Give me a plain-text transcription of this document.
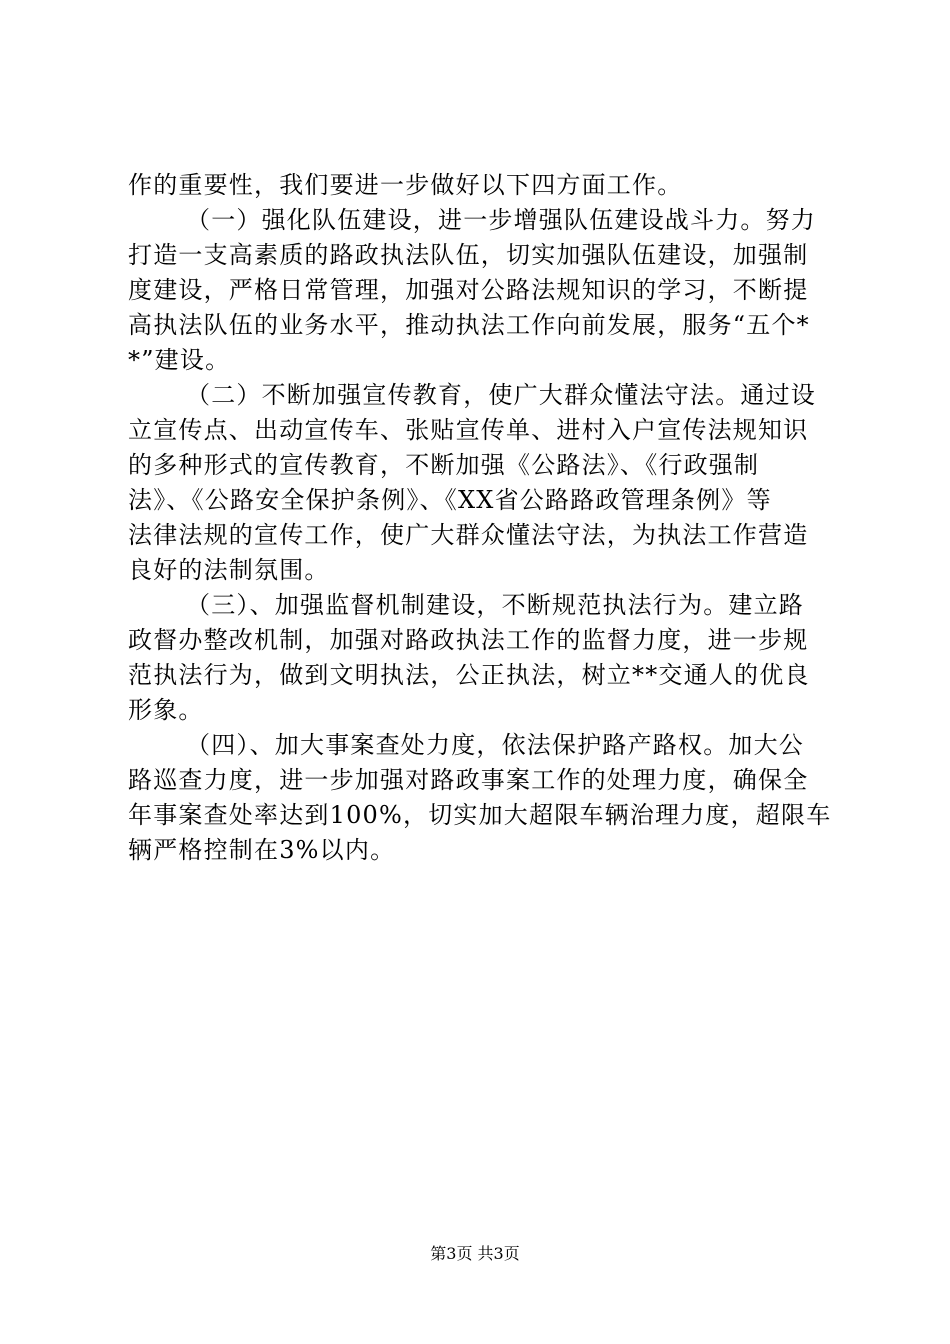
作的重要性，我们要进一步做好以下四方面工作。
（一）强化队伍建设，进一步增强队伍建设战斗力。努力
打造一支高素质的路政执法队伍，切实加强队伍建设，加强制
度建设，严格日常管理，加强对公路法规知识的学习，不断提
高执法队伍的业务水平，推动执法工作向前发展，服务“五个*
*”建设。
（二）不断加强宣传教育，使广大群众懂法守法。通过设
立宣传点、出动宣传车、张贴宣传单、进村入户宣传法规知识
的多种形式的宣传教育，不断加强《公路法》、《行政强制
法》、《公路安全保护条例》、《XX省公路路政管理条例》等
法律法规的宣传工作，使广大群众懂法守法，为执法工作营造
良好的法制氛围。
（三）、加强监督机制建设，不断规范执法行为。建立路
政督办整改机制，加强对路政执法工作的监督力度，进一步规
范执法行为，做到文明执法，公正执法，树立**交通人的优良
形象。
（四）、加大事案查处力度，依法保护路产路权。加大公
路巡查力度，进一步加强对路政事案工作的处理力度，确保全
年事案查处率达到100%，切实加大超限车辆治理力度，超限车
辆严格控制在3%以内。
第3页 共3页
